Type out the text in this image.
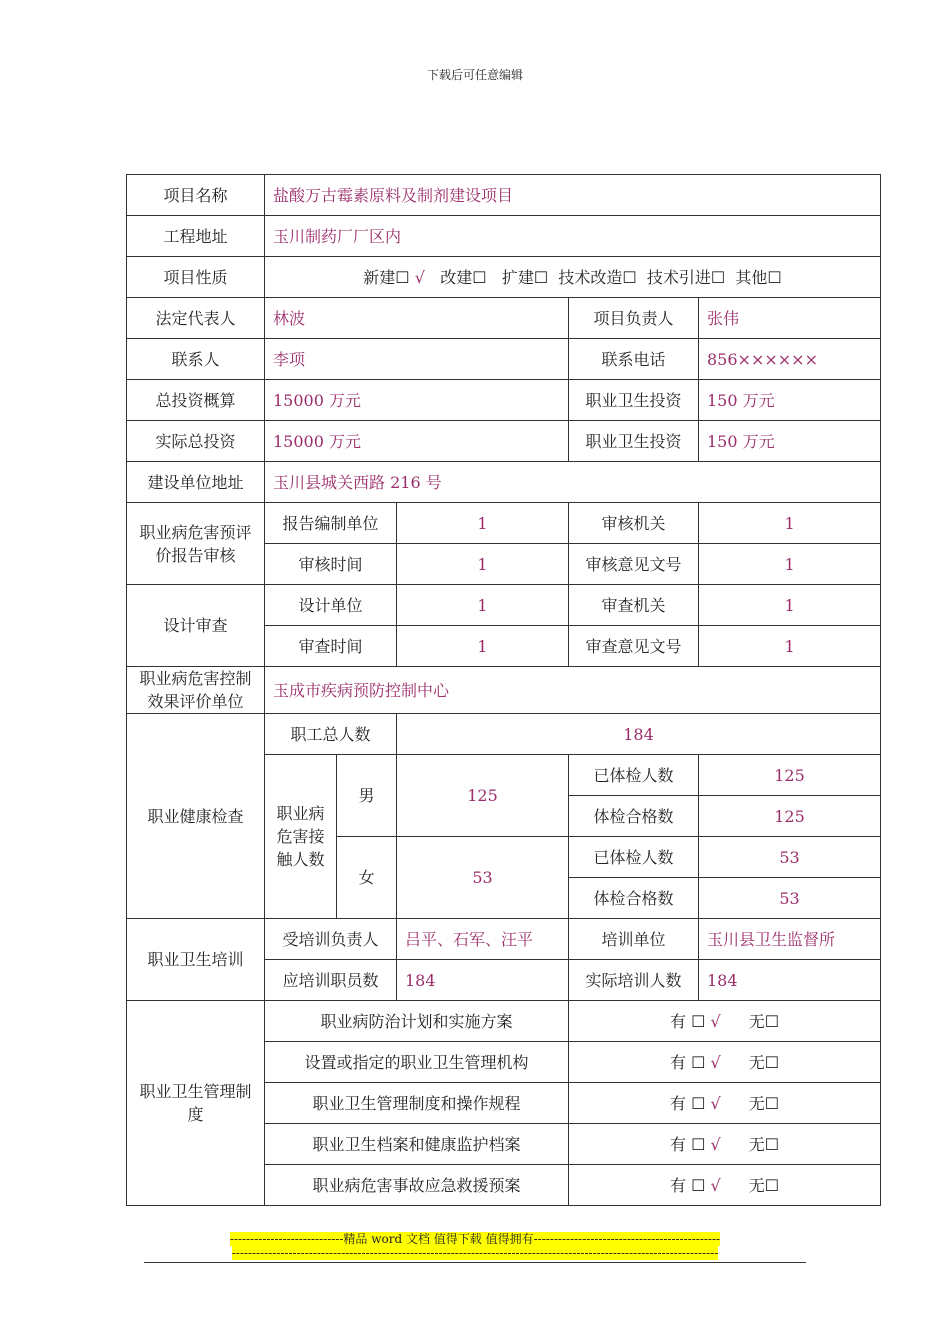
下载后可任意编辑
项目名称	盐酸万古霉素原料及制剂建设项目				
工程地址	玉川制药厂厂区内				
项目性质	新建☐ √ 改建☐ 扩建☐ 技术改造☐ 技术引进☐ 其他☐				
法定代表人	林波			项目负责人	张伟
联系人	李项			联系电话	856××××××
总投资概算	15000 万元			职业卫生投资	150 万元
实际总投资	15000 万元			职业卫生投资	150 万元
建设单位地址	玉川县城关西路 216 号				
职业病危害预评价报告审核	报告编制单位		1	审核机关	1
	审核时间		1	审核意见文号	1
设计审查	设计单位		1	审查机关	1
	审查时间		1	审查意见文号	1
职业病危害控制效果评价单位	玉成市疾病预防控制中心				
职业健康检查	职工总人数		184		
	职业病危害接触人数	男	125	已体检人数	125
				体检合格数	125
		女	53	已体检人数	53
				体检合格数	53
职业卫生培训	受培训负责人		吕平、石军、汪平	培训单位	玉川县卫生监督所
	应培训职员数		184	实际培训人数	184
职业卫生管理制度	职业病防治计划和实施方案			有 ☐ √ 无☐	
	设置或指定的职业卫生管理机构			有 ☐ √ 无☐	
	职业卫生管理制度和操作规程			有 ☐ √ 无☐	
	职业卫生档案和健康监护档案			有 ☐ √ 无☐	
	职业病危害事故应急救援预案			有 ☐ √ 无☐	
----------------------------精品 word 文档 值得下载 值得拥有----------------------------------------------
------------------------------------------------------------------------------------------------------------------------
